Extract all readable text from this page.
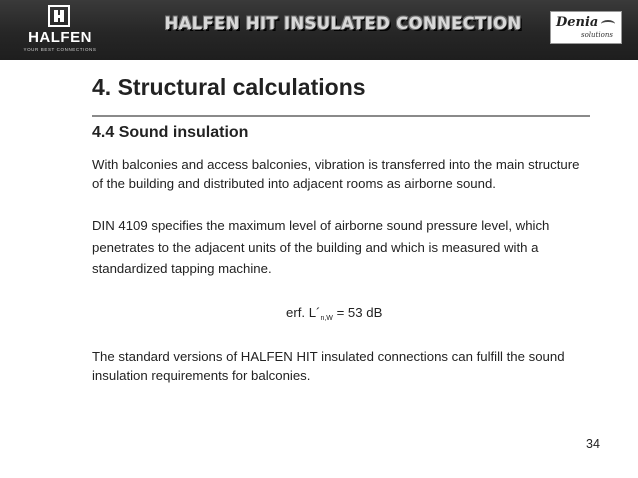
HALFEN
YOUR BEST CONNECTIONS
HALFEN HIT INSULATED CONNECTION	Denia
solutions
4. Structural calculations
4.4 Sound insulation

With balconies and access balconies, vibration is transferred into the main structure of the building and distributed into adjacent rooms as airborne sound.

DIN 4109 specifies the maximum level of airborne sound pressure level, which penetrates to the adjacent units of the building and which is measured with a standardized tapping machine.

erf. $L´_{n,W} = 53$ dB

The standard versions of HALFEN HIT insulated connections can fulfill the sound insulation requirements for balconies.

34
